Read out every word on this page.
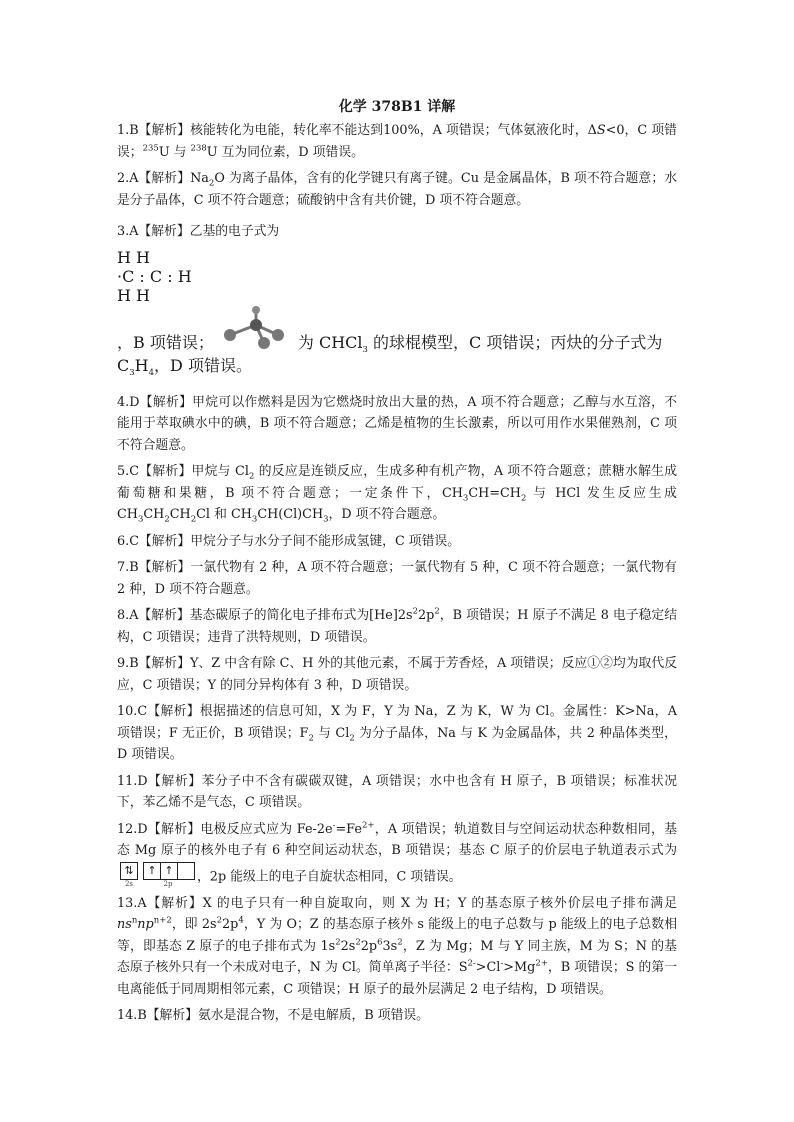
化学 378B1 详解

1.B【解析】核能转化为电能，转化率不能达到100%，A 项错误；气体氨液化时，ΔS<0，C 项错误；$^{235}$U 与 $^{238}$U 互为同位素，D 项错误。

2.A【解析】$Na_2O$ 为离子晶体，含有的化学键只有离子键。Cu 是金属晶体，B 项不符合题意；水是分子晶体，C 项不符合题意；硫酸钠中含有共价键，D 项不符合题意。

3.A【解析】乙基的电子式为

H H
·C : C : H
H H
，B 项错误；	为 CHCl$_3$ 的球棍模型，C 项错误；丙炔的分子式为 $C_3H_4$，D 项错误。

4.D【解析】甲烷可以作燃料是因为它燃烧时放出大量的热，A 项不符合题意；乙醇与水互溶，不能用于萃取碘水中的碘，B 项不符合题意；乙烯是植物的生长激素，所以可用作水果催熟剂，C 项不符合题意。

5.C【解析】甲烷与 $Cl_2$ 的反应是连锁反应，生成多种有机产物，A 项不符合题意；蔗糖水解生成葡萄糖和果糖，B 项不符合题意；一定条件下，$CH_3CH=CH_2$ 与 HCl 发生反应生成 $CH_3CH_2CH_2Cl$ 和 $CH_3CH(Cl)CH_3$，D 项不符合题意。

6.C【解析】甲烷分子与水分子间不能形成氢键，C 项错误。

7.B【解析】一氯代物有 2 种，A 项不符合题意；一氯代物有 5 种，C 项不符合题意；一氯代物有 2 种，D 项不符合题意。

8.A【解析】基态碳原子的简化电子排布式为$[He]2s^22p^2$，B 项错误；H 原子不满足 8 电子稳定结构，C 项错误；违背了洪特规则，D 项错误。

9.B【解析】Y、Z 中含有除 C、H 外的其他元素，不属于芳香烃，A 项错误；反应①②均为取代反应，C 项错误；Y 的同分异构体有 3 种，D 项错误。

10.C【解析】根据描述的信息可知，X 为 F，Y 为 Na，Z 为 K，W 为 Cl。金属性：K>Na，A 项错误；F 无正价，B 项错误；$F_2$ 与 $Cl_2$ 为分子晶体，Na 与 K 为金属晶体，共 2 种晶体类型，D 项错误。

11.D【解析】苯分子中不含有碳碳双键，A 项错误；水中也含有 H 原子，B 项错误；标准状况下，苯乙烯不是气态，C 项错误。

12.D【解析】电极反应式应为 $Fe-2e^-=Fe^{2+}$，A 项错误；轨道数目与空间运动状态种数相同，基态 Mg 原子的核外电子有 6 种空间运动状态，B 项错误；基态 C 原子的价层电子轨道表示式为
⇅	↑ ↑
2s	2p	，2p 能级上的电子自旋状态相同，C 项错误。

13.A【解析】X 的电子只有一种自旋取向，则 X 为 H；Y 的基态原子核外价层电子排布满足 $ns^nnp^{n+2}$，即 $2s^22p^4$，Y 为 O；Z 的基态原子核外 s 能级上的电子总数与 p 能级上的电子总数相等，即基态 Z 原子的电子排布式为 $1s^22s^22p^63s^2$，Z 为 Mg；M 与 Y 同主族，M 为 S；N 的基态原子核外只有一个未成对电子，N 为 Cl。简单离子半径：$S^{2-}>Cl^->Mg^{2+}$，B 项错误；S 的第一电离能低于同周期相邻元素，C 项错误；H 原子的最外层满足 2 电子结构，D 项错误。

14.B【解析】氨水是混合物，不是电解质，B 项错误。
